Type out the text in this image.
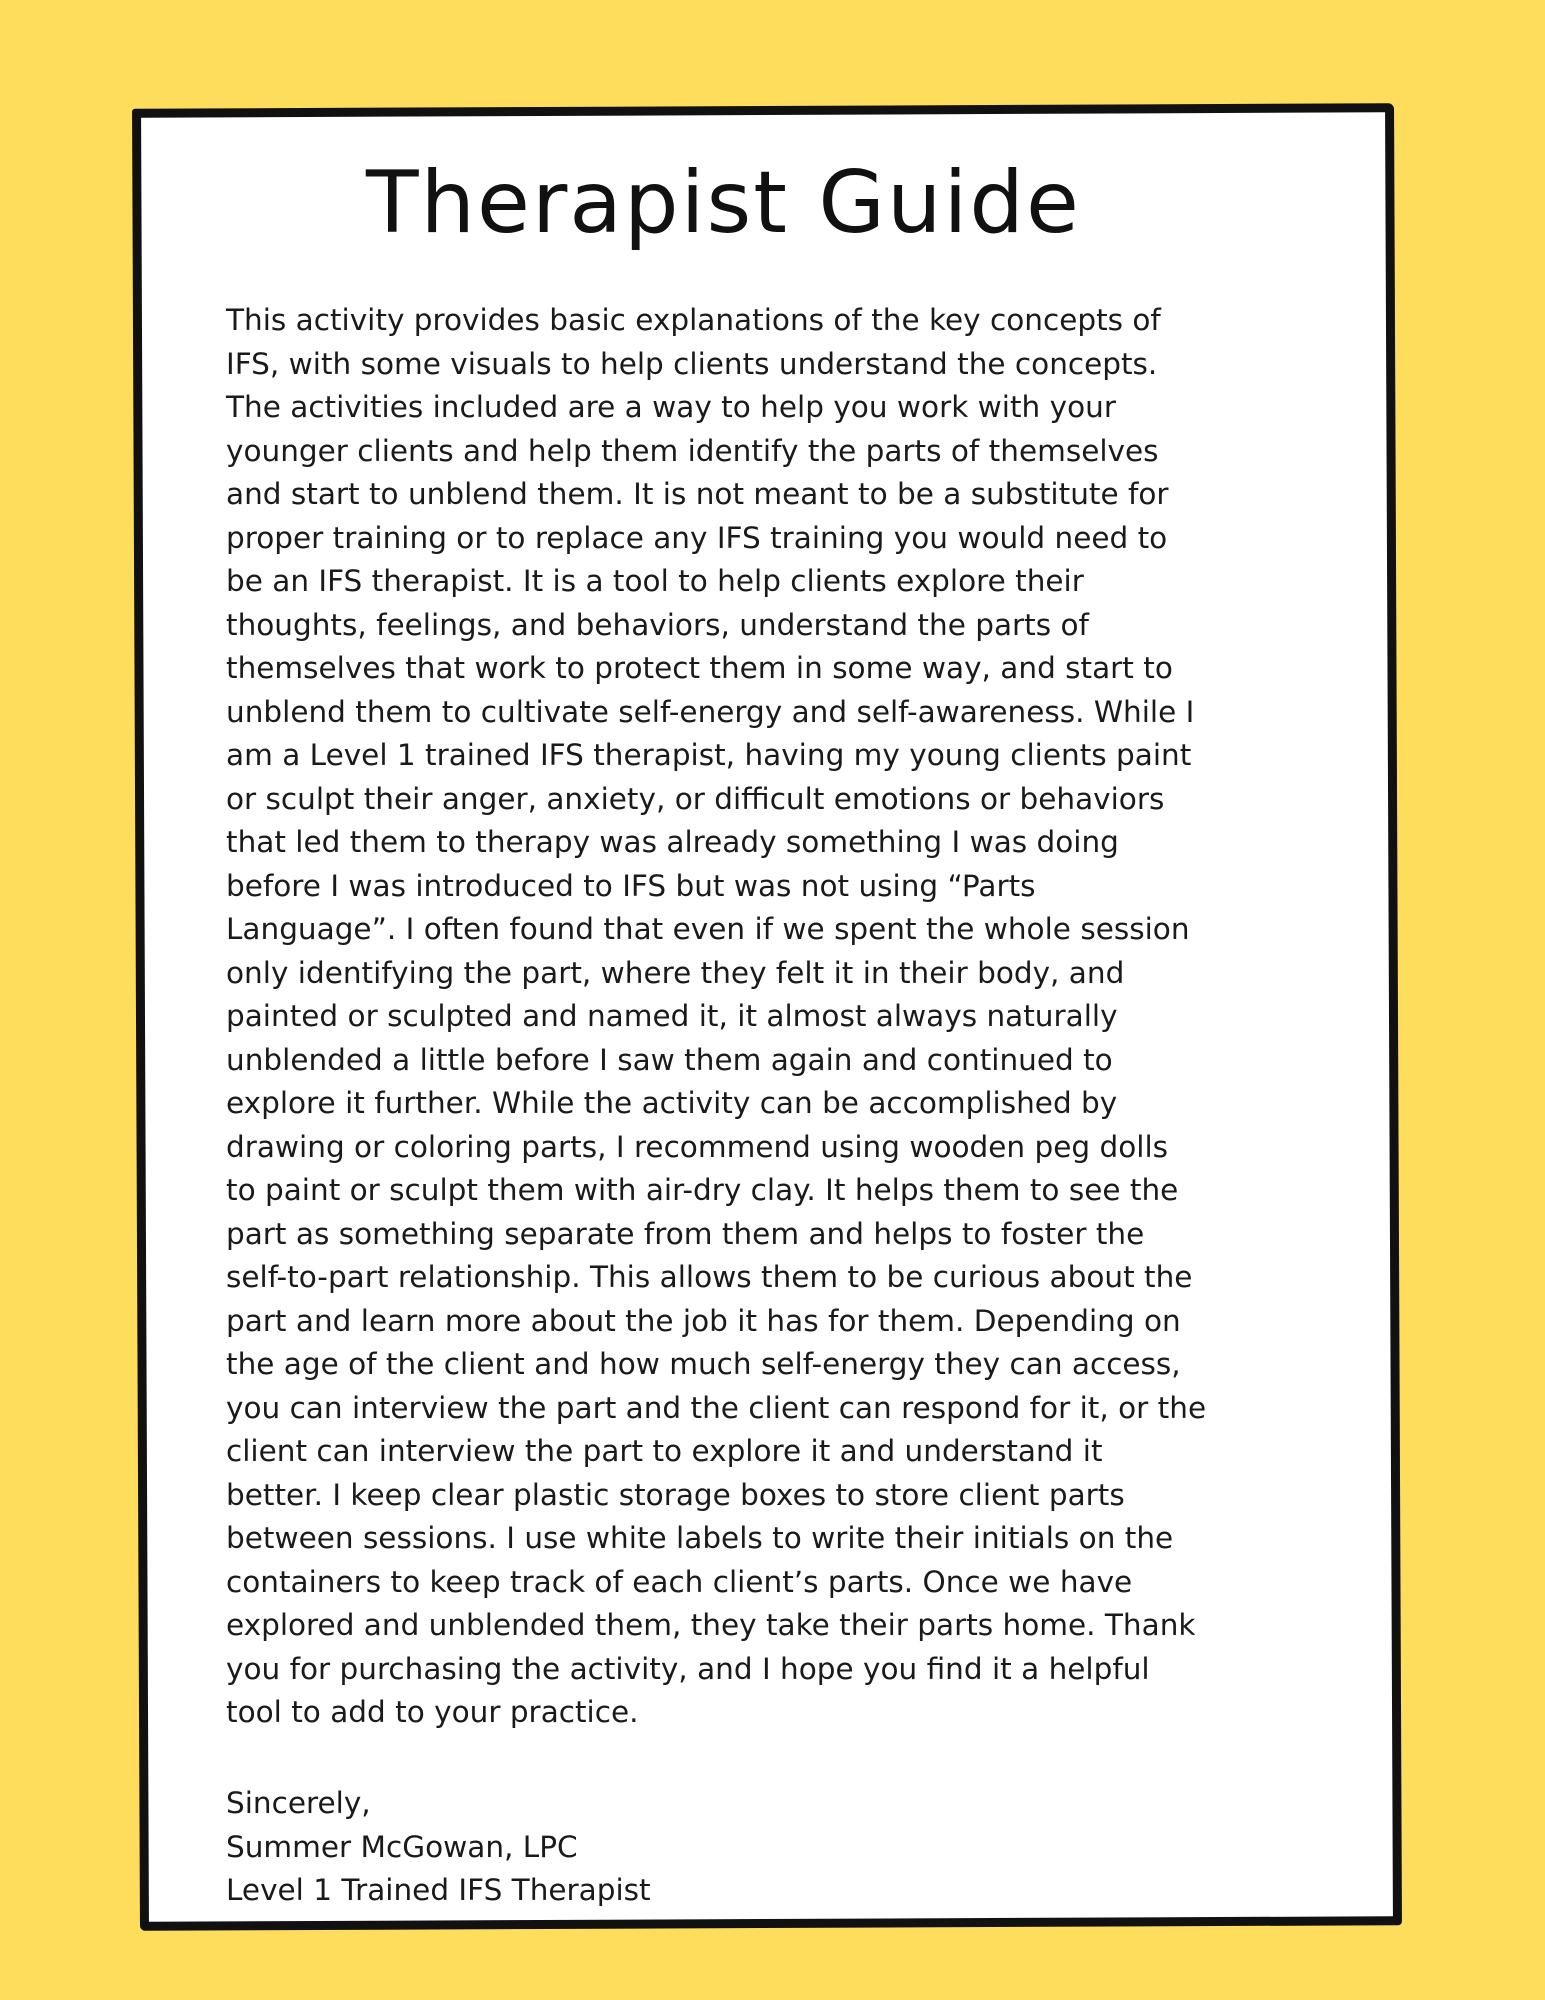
Therapist Guide
This activity provides basic explanations of the key concepts of
IFS, with some visuals to help clients understand the concepts.
The activities included are a way to help you work with your
younger clients and help them identify the parts of themselves
and start to unblend them. It is not meant to be a substitute for
proper training or to replace any IFS training you would need to
be an IFS therapist. It is a tool to help clients explore their
thoughts, feelings, and behaviors, understand the parts of
themselves that work to protect them in some way, and start to
unblend them to cultivate self-energy and self-awareness. While I
am a Level 1 trained IFS therapist, having my young clients paint
or sculpt their anger, anxiety, or difficult emotions or behaviors
that led them to therapy was already something I was doing
before I was introduced to IFS but was not using “Parts
Language”. I often found that even if we spent the whole session
only identifying the part, where they felt it in their body, and
painted or sculpted and named it, it almost always naturally
unblended a little before I saw them again and continued to
explore it further. While the activity can be accomplished by
drawing or coloring parts, I recommend using wooden peg dolls
to paint or sculpt them with air-dry clay. It helps them to see the
part as something separate from them and helps to foster the
self-to-part relationship. This allows them to be curious about the
part and learn more about the job it has for them. Depending on
the age of the client and how much self-energy they can access,
you can interview the part and the client can respond for it, or the
client can interview the part to explore it and understand it
better. I keep clear plastic storage boxes to store client parts
between sessions. I use white labels to write their initials on the
containers to keep track of each client’s parts. Once we have
explored and unblended them, they take their parts home. Thank
you for purchasing the activity, and I hope you find it a helpful
tool to add to your practice.
Sincerely,
Summer McGowan, LPC
Level 1 Trained IFS Therapist
